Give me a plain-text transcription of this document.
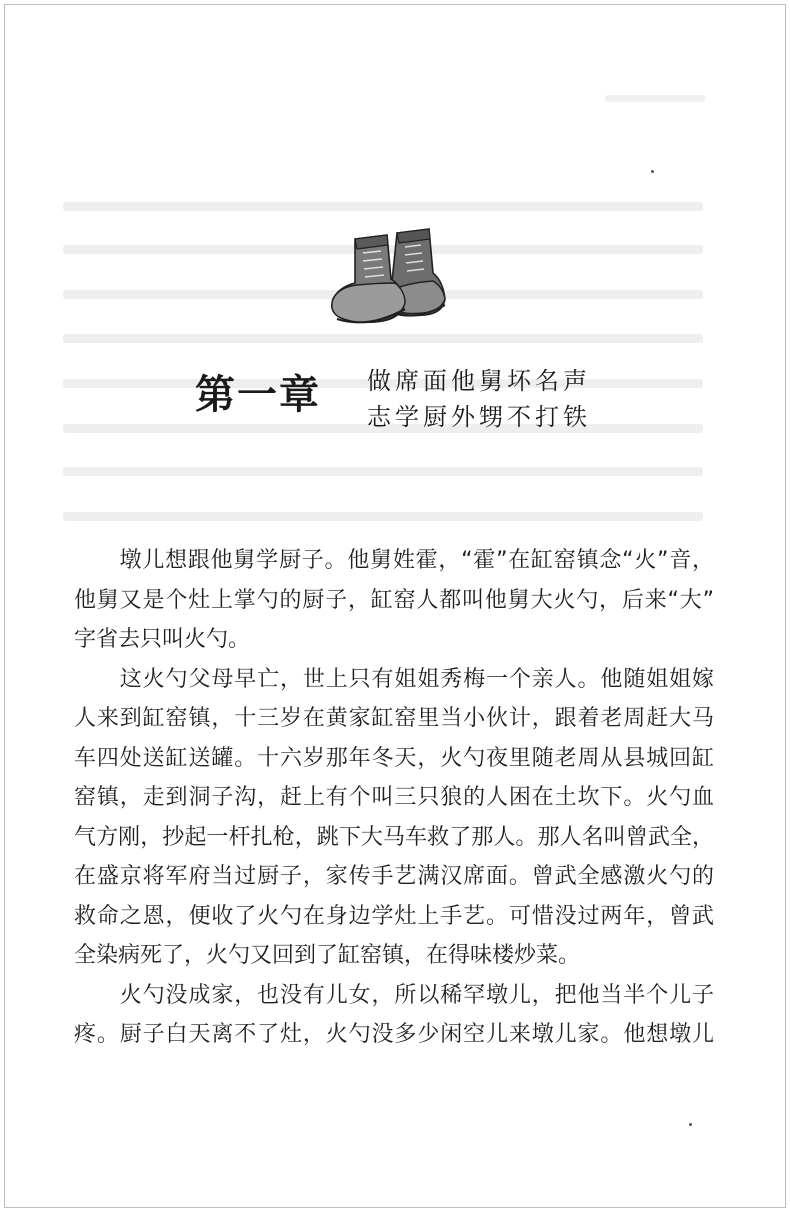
第一章 做席面他舅坏名声
志学厨外甥不打铁
　　墩儿想跟他舅学厨子。他舅姓霍，“霍”在缸窑镇念“火”音，
他舅又是个灶上掌勺的厨子，缸窑人都叫他舅大火勺，后来“大”
字省去只叫火勺。
　　这火勺父母早亡，世上只有姐姐秀梅一个亲人。他随姐姐嫁
人来到缸窑镇，十三岁在黄家缸窑里当小伙计，跟着老周赶大马
车四处送缸送罐。十六岁那年冬天，火勺夜里随老周从县城回缸
窑镇，走到洞子沟，赶上有个叫三只狼的人困在土坎下。火勺血
气方刚，抄起一杆扎枪，跳下大马车救了那人。那人名叫曾武全，
在盛京将军府当过厨子，家传手艺满汉席面。曾武全感激火勺的
救命之恩，便收了火勺在身边学灶上手艺。可惜没过两年，曾武
全染病死了，火勺又回到了缸窑镇，在得味楼炒菜。
　　火勺没成家，也没有儿女，所以稀罕墩儿，把他当半个儿子
疼。厨子白天离不了灶，火勺没多少闲空儿来墩儿家。他想墩儿
